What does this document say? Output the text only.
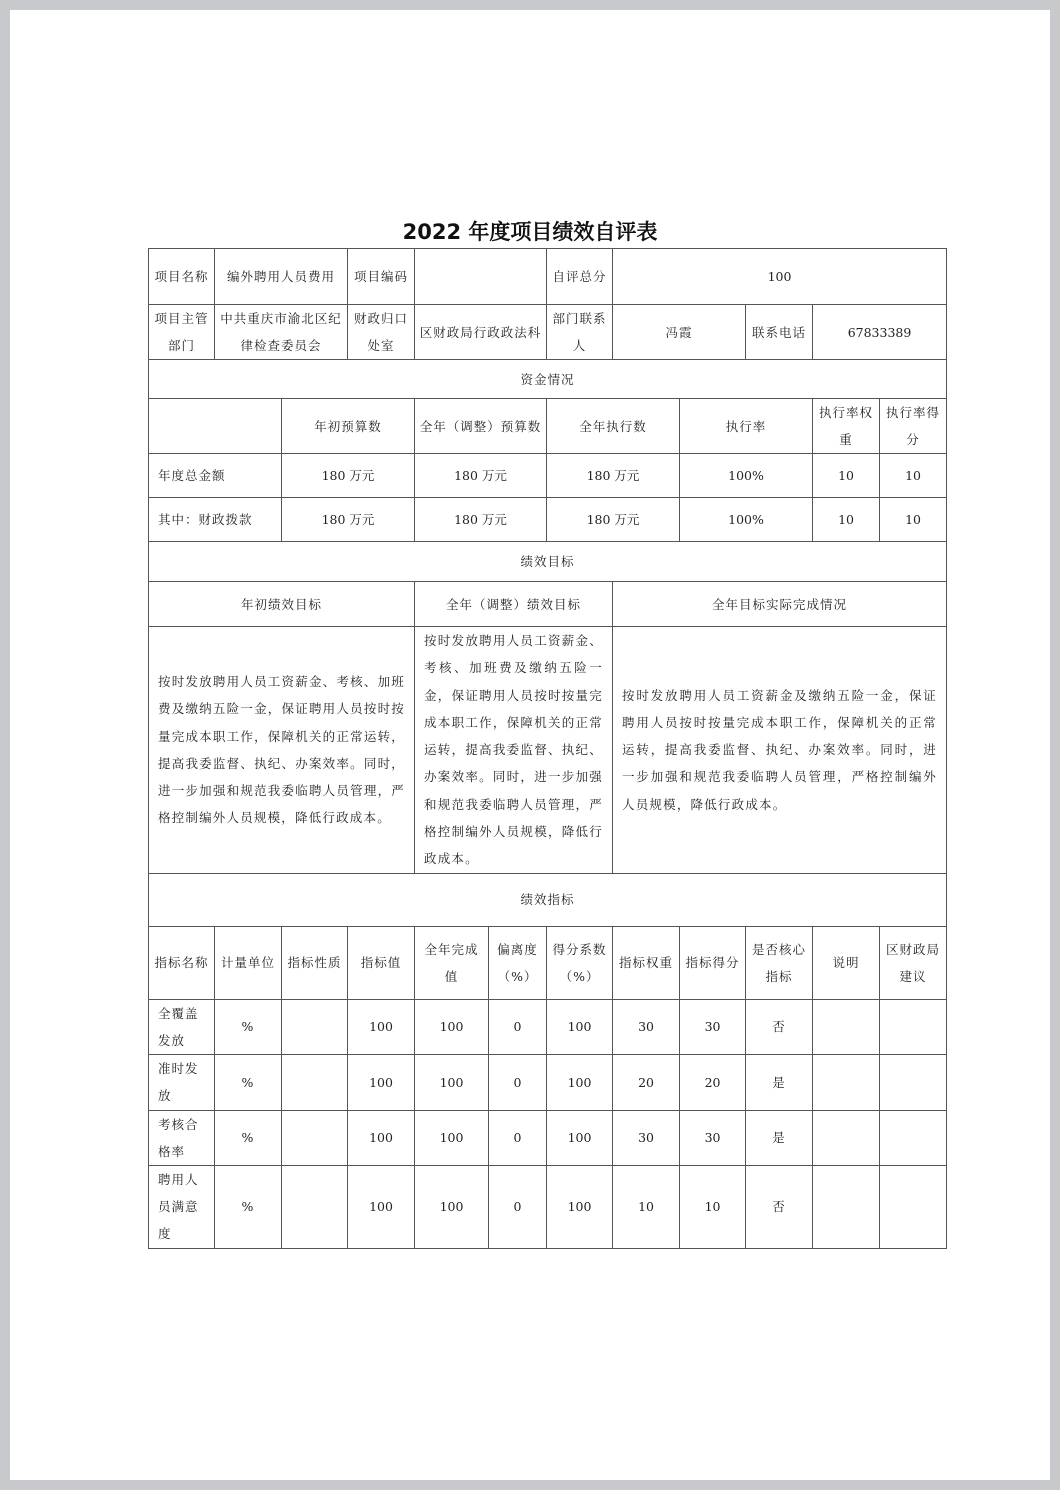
2022 年度项目绩效自评表
项目名称	编外聘用人员费用		项目编码			自评总分	100				
项目主管部门	中共重庆市渝北区纪律检查委员会		财政归口处室	区财政局行政政法科		部门联系人	冯霞		联系电话	67833389	
资金情况											
		年初预算数		全年（调整）预算数		全年执行数		执行率		执行率权重	执行率得分
年度总金额		180 万元		180 万元		180 万元		100%		10	10
其中：财政拨款		180 万元		180 万元		180 万元		100%		10	10
绩效目标											
年初绩效目标				全年（调整）绩效目标			全年目标实际完成情况				
按时发放聘用人员工资薪金、考核、加班费及缴纳五险一金，保证聘用人员按时按量完成本职工作，保障机关的正常运转，提高我委监督、执纪、办案效率。同时，进一步加强和规范我委临聘人员管理，严格控制编外人员规模，降低行政成本。				按时发放聘用人员工资薪金、考核、加班费及缴纳五险一金，保证聘用人员按时按量完成本职工作，保障机关的正常运转，提高我委监督、执纪、办案效率。同时，进一步加强和规范我委临聘人员管理，严格控制编外人员规模，降低行政成本。			按时发放聘用人员工资薪金及缴纳五险一金，保证聘用人员按时按量完成本职工作，保障机关的正常运转，提高我委监督、执纪、办案效率。同时，进一步加强和规范我委临聘人员管理，严格控制编外人员规模，降低行政成本。				
绩效指标											
指标名称	计量单位	指标性质	指标值	全年完成值	偏离度（%）	得分系数（%）	指标权重	指标得分	是否核心指标	说明	区财政局建议
全覆盖发放	%		100	100	0	100	30	30	否		
准时发放	%		100	100	0	100	20	20	是		
考核合格率	%		100	100	0	100	30	30	是		
聘用人员满意度	%		100	100	0	100	10	10	否		
